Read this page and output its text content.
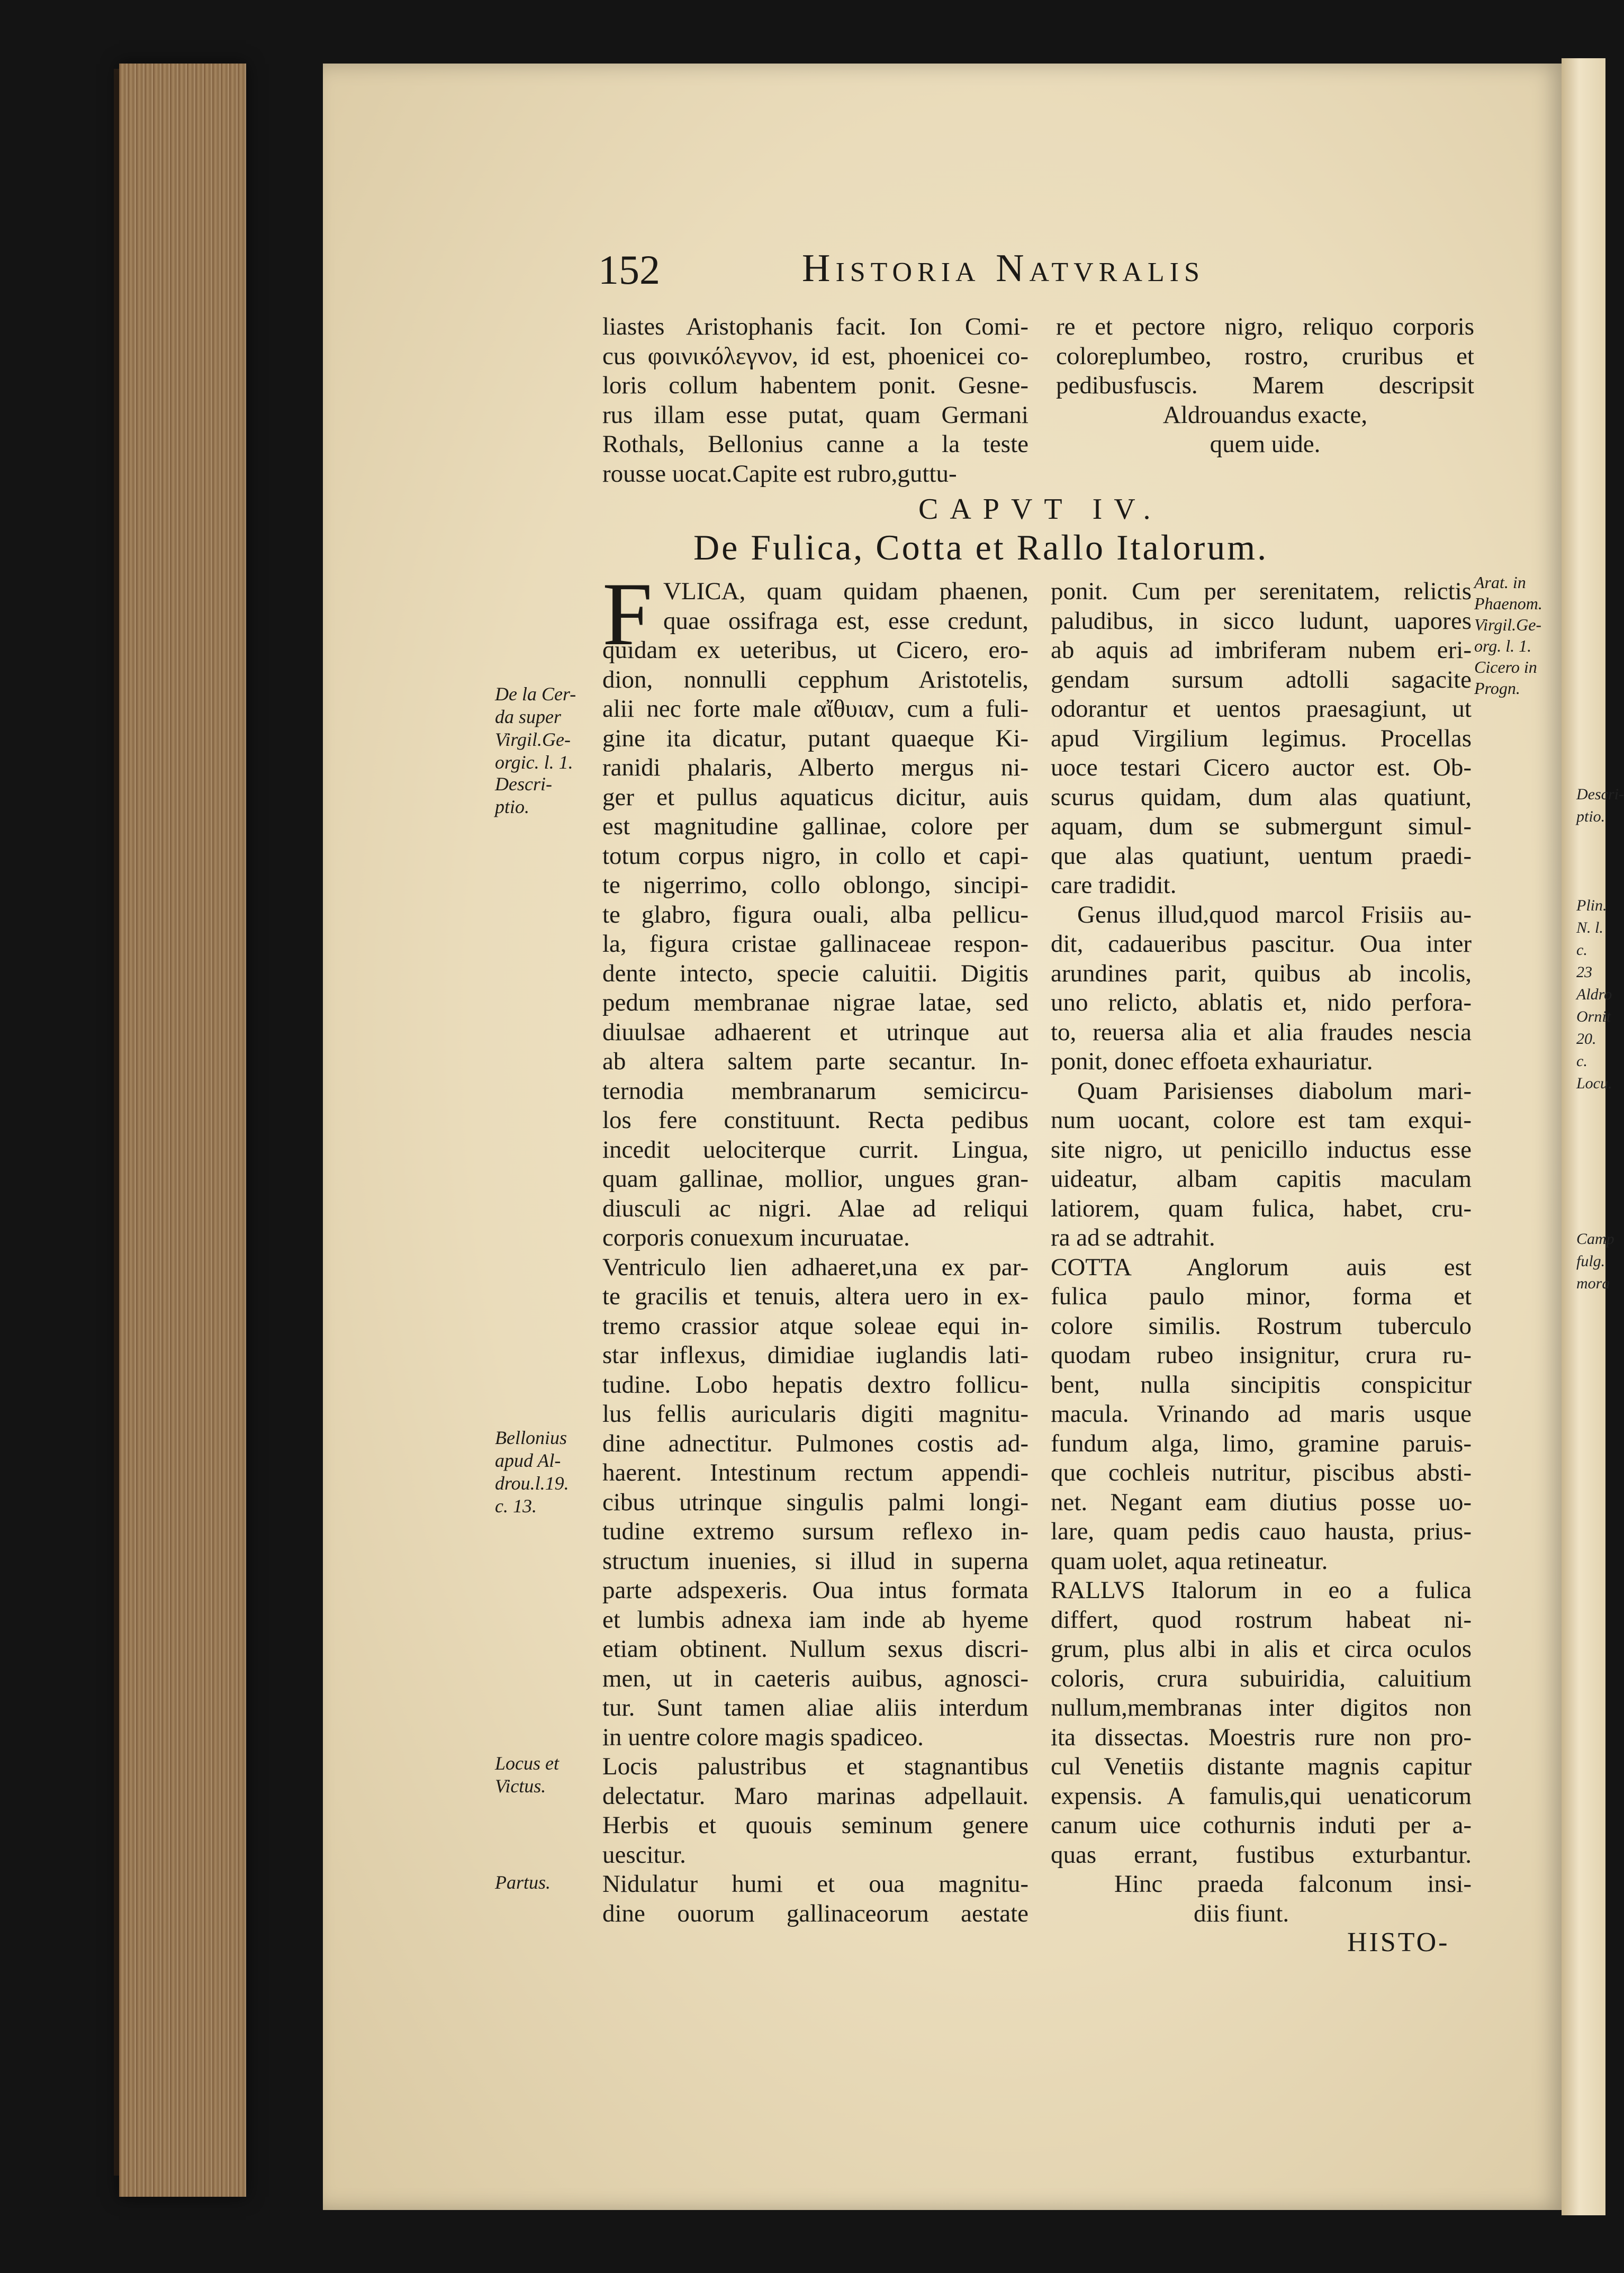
Descri-
ptio.

Plin.
N. l.
c. 23
Aldro
Ornit
20. c.
Locu.

Camp
fulg.
mora
152	Historia Natvralis
liastes Aristophanis facit. Ion Comi-
cus φοινικόλεγνον, id est, phoenicei co-
loris collum habentem ponit. Gesne-
rus illam esse putat, quam Germani
Rothals, Bellonius canne a la teste
rousse uocat.Capite est rubro,guttu-
re et pectore nigro, reliquo corporis
coloreplumbeo, rostro, cruribus et
pedibusfuscis. Marem descripsit
Aldrouandus exacte,
quem uide.
CAPVT IV.
De Fulica, Cotta et Rallo Italorum.
F VLICA, quam quidam phaenen,
quae ossifraga est, esse credunt,
quidam ex ueteribus, ut Cicero, ero-
dion, nonnulli cepphum Aristotelis,
alii nec forte male αἴθυιαν, cum a fuli-
gine ita dicatur, putant quaeque Ki-
ranidi phalaris, Alberto mergus ni-
ger et pullus aquaticus dicitur, auis
est magnitudine gallinae, colore per
totum corpus nigro, in collo et capi-
te nigerrimo, collo oblongo, sincipi-
te glabro, figura ouali, alba pellicu-
la, figura cristae gallinaceae respon-
dente intecto, specie caluitii. Digitis
pedum membranae nigrae latae, sed
diuulsae adhaerent et utrinque aut
ab altera saltem parte secantur. In-
ternodia membranarum semicircu-
los fere constituunt. Recta pedibus
incedit uelociterque currit. Lingua,
quam gallinae, mollior, ungues gran-
diusculi ac nigri. Alae ad reliqui
corporis conuexum incuruatae.
Ventriculo lien adhaeret,una ex par-
te gracilis et tenuis, altera uero in ex-
tremo crassior atque soleae equi in-
star inflexus, dimidiae iuglandis lati-
tudine. Lobo hepatis dextro follicu-
lus fellis auricularis digiti magnitu-
dine adnectitur. Pulmones costis ad-
haerent. Intestinum rectum appendi-
cibus utrinque singulis palmi longi-
tudine extremo sursum reflexo in-
structum inuenies, si illud in superna
parte adspexeris. Oua intus formata
et lumbis adnexa iam inde ab hyeme
etiam obtinent. Nullum sexus discri-
men, ut in caeteris auibus, agnosci-
tur. Sunt tamen aliae aliis interdum
in uentre colore magis spadiceo.
Locis palustribus et stagnantibus
delectatur. Maro marinas adpellauit.
Herbis et quouis seminum genere
uescitur.
Nidulatur humi et oua magnitu-
dine ouorum gallinaceorum aestate
ponit. Cum per serenitatem, relictis
paludibus, in sicco ludunt, uapores
ab aquis ad imbriferam nubem eri-
gendam sursum adtolli sagacite
odorantur et uentos praesagiunt, ut
apud Virgilium legimus. Procellas
uoce testari Cicero auctor est. Ob-
scurus quidam, dum alas quatiunt,
aquam, dum se submergunt simul-
que alas quatiunt, uentum praedi-
care tradidit.
Genus illud,quod marcol Frisiis au-
dit, cadaueribus pascitur. Oua inter
arundines parit, quibus ab incolis,
uno relicto, ablatis et, nido perfora-
to, reuersa alia et alia fraudes nescia
ponit, donec effoeta exhauriatur.
Quam Parisienses diabolum mari-
num uocant, colore est tam exqui-
site nigro, ut penicillo inductus esse
uideatur, albam capitis maculam
latiorem, quam fulica, habet, cru-
ra ad se adtrahit.
COTTA Anglorum auis est
fulica paulo minor, forma et
colore similis. Rostrum tuberculo
quodam rubeo insignitur, crura ru-
bent, nulla sincipitis conspicitur
macula. Vrinando ad maris usque
fundum alga, limo, gramine paruis-
que cochleis nutritur, piscibus absti-
net. Negant eam diutius posse uo-
lare, quam pedis cauo hausta, prius-
quam uolet, aqua retineatur.
RALLVS Italorum in eo a fulica
differt, quod rostrum habeat ni-
grum, plus albi in alis et circa oculos
coloris, crura subuiridia, caluitium
nullum,membranas inter digitos non
ita dissectas. Moestris rure non pro-
cul Venetiis distante magnis capitur
expensis. A famulis,qui uenaticorum
canum uice cothurnis induti per a-
quas errant, fustibus exturbantur.
Hinc praeda falconum insi-
diis fiunt.
De la Cer-
da super
Virgil.Ge-
orgic. l. 1.
Descri-
ptio.
Bellonius
apud Al-
drou.l.19.
c. 13.
Locus et
Victus.
Partus.
Arat. in
Phaenom.
Virgil.Ge-
org. l. 1.
Cicero in
Progn.
HISTO-
